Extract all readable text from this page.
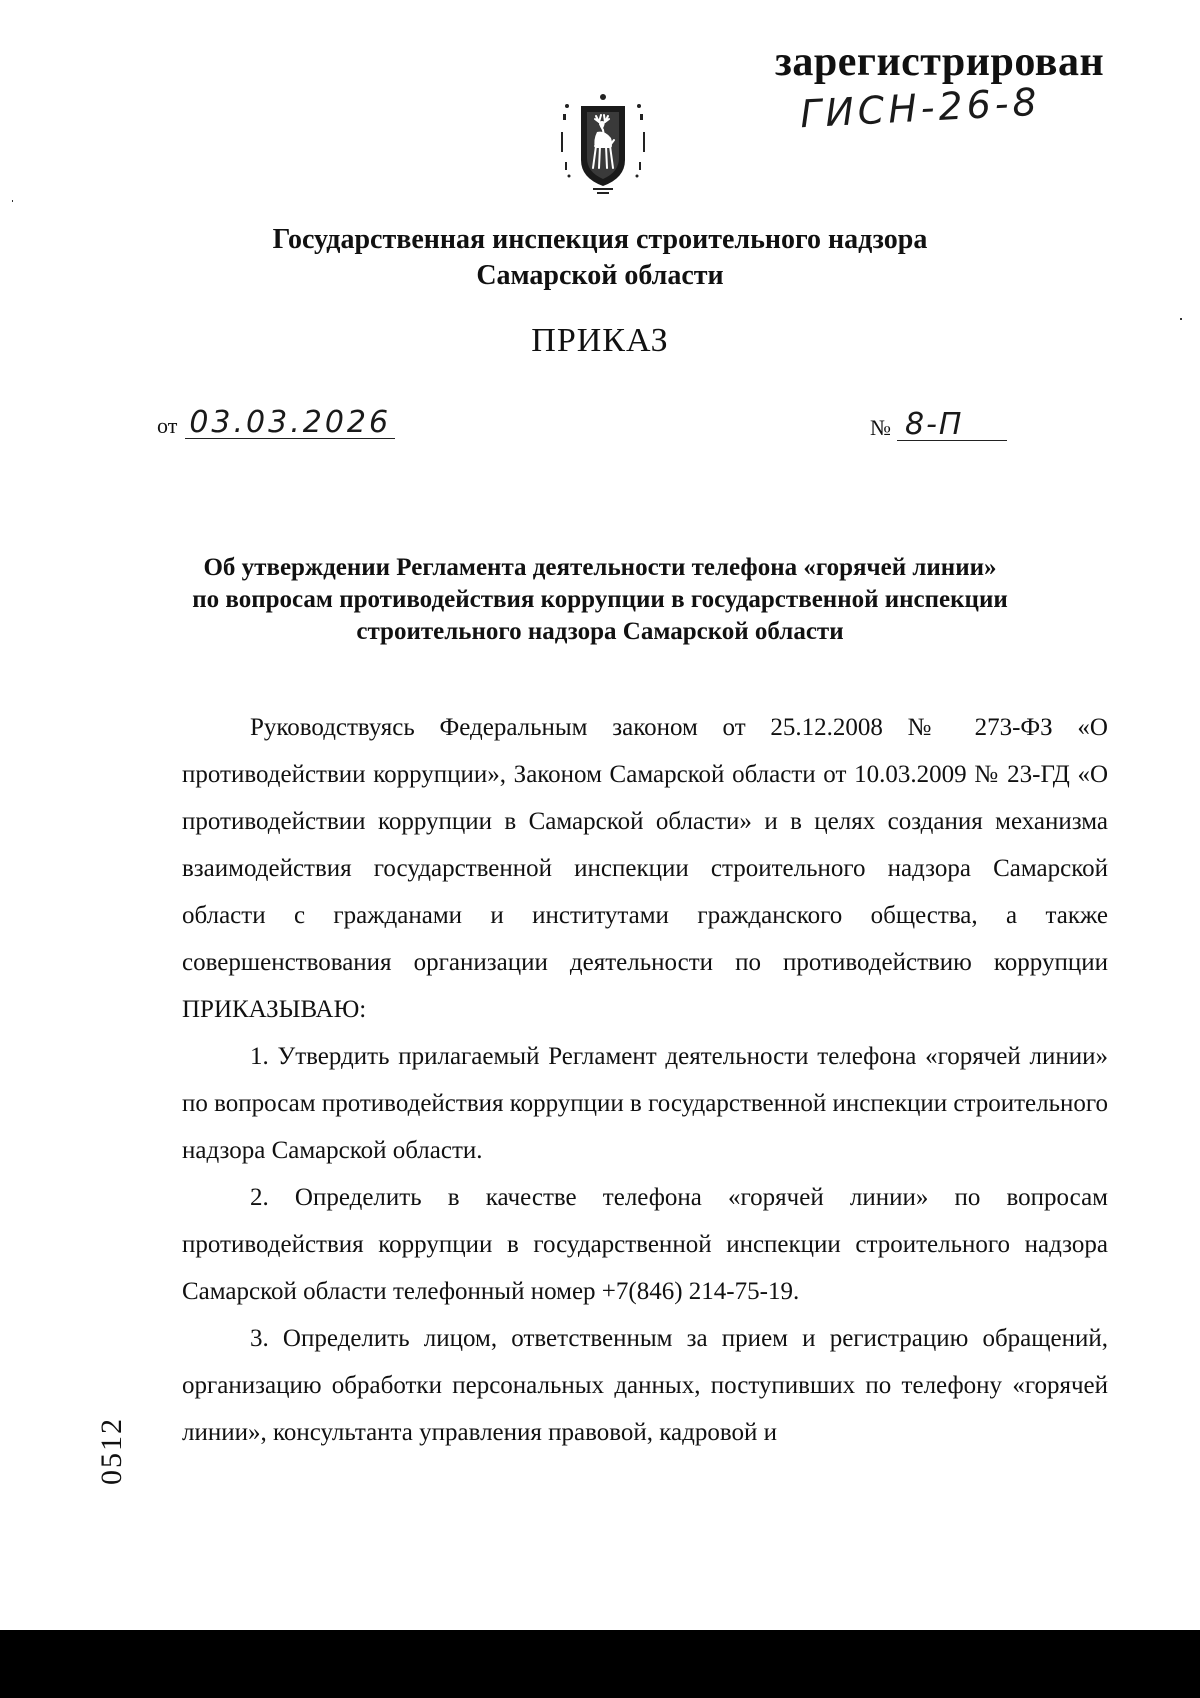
зарегистрирован
ГИСН-26-8
Государственная инспекция строительного надзора
Самарской области
ПРИКАЗ
от 03.03.2026	№ 8-П
Об утверждении Регламента деятельности телефона «горячей линии»
по вопросам противодействия коррупции в государственной инспекции
строительного надзора Самарской области

Руководствуясь Федеральным законом от 25.12.2008 № 273-ФЗ «О противодействии коррупции», Законом Самарской области от 10.03.2009 № 23-ГД «О противодействии коррупции в Самарской области» и в целях создания механизма взаимодействия государственной инспекции строительного надзора Самарской области с гражданами и институтами гражданского общества, а также совершенствования организации деятельности по противодействию коррупции ПРИКАЗЫВАЮ:

1. Утвердить прилагаемый Регламент деятельности телефона «горячей линии» по вопросам противодействия коррупции в государственной инспекции строительного надзора Самарской области.

2. Определить в качестве телефона «горячей линии» по вопросам противодействия коррупции в государственной инспекции строительного надзора Самарской области телефонный номер +7(846) 214-75-19.

3. Определить лицом, ответственным за прием и регистрацию обращений, организацию обработки персональных данных, поступивших по телефону «горячей линии», консультанта управления правовой, кадровой и

0512
